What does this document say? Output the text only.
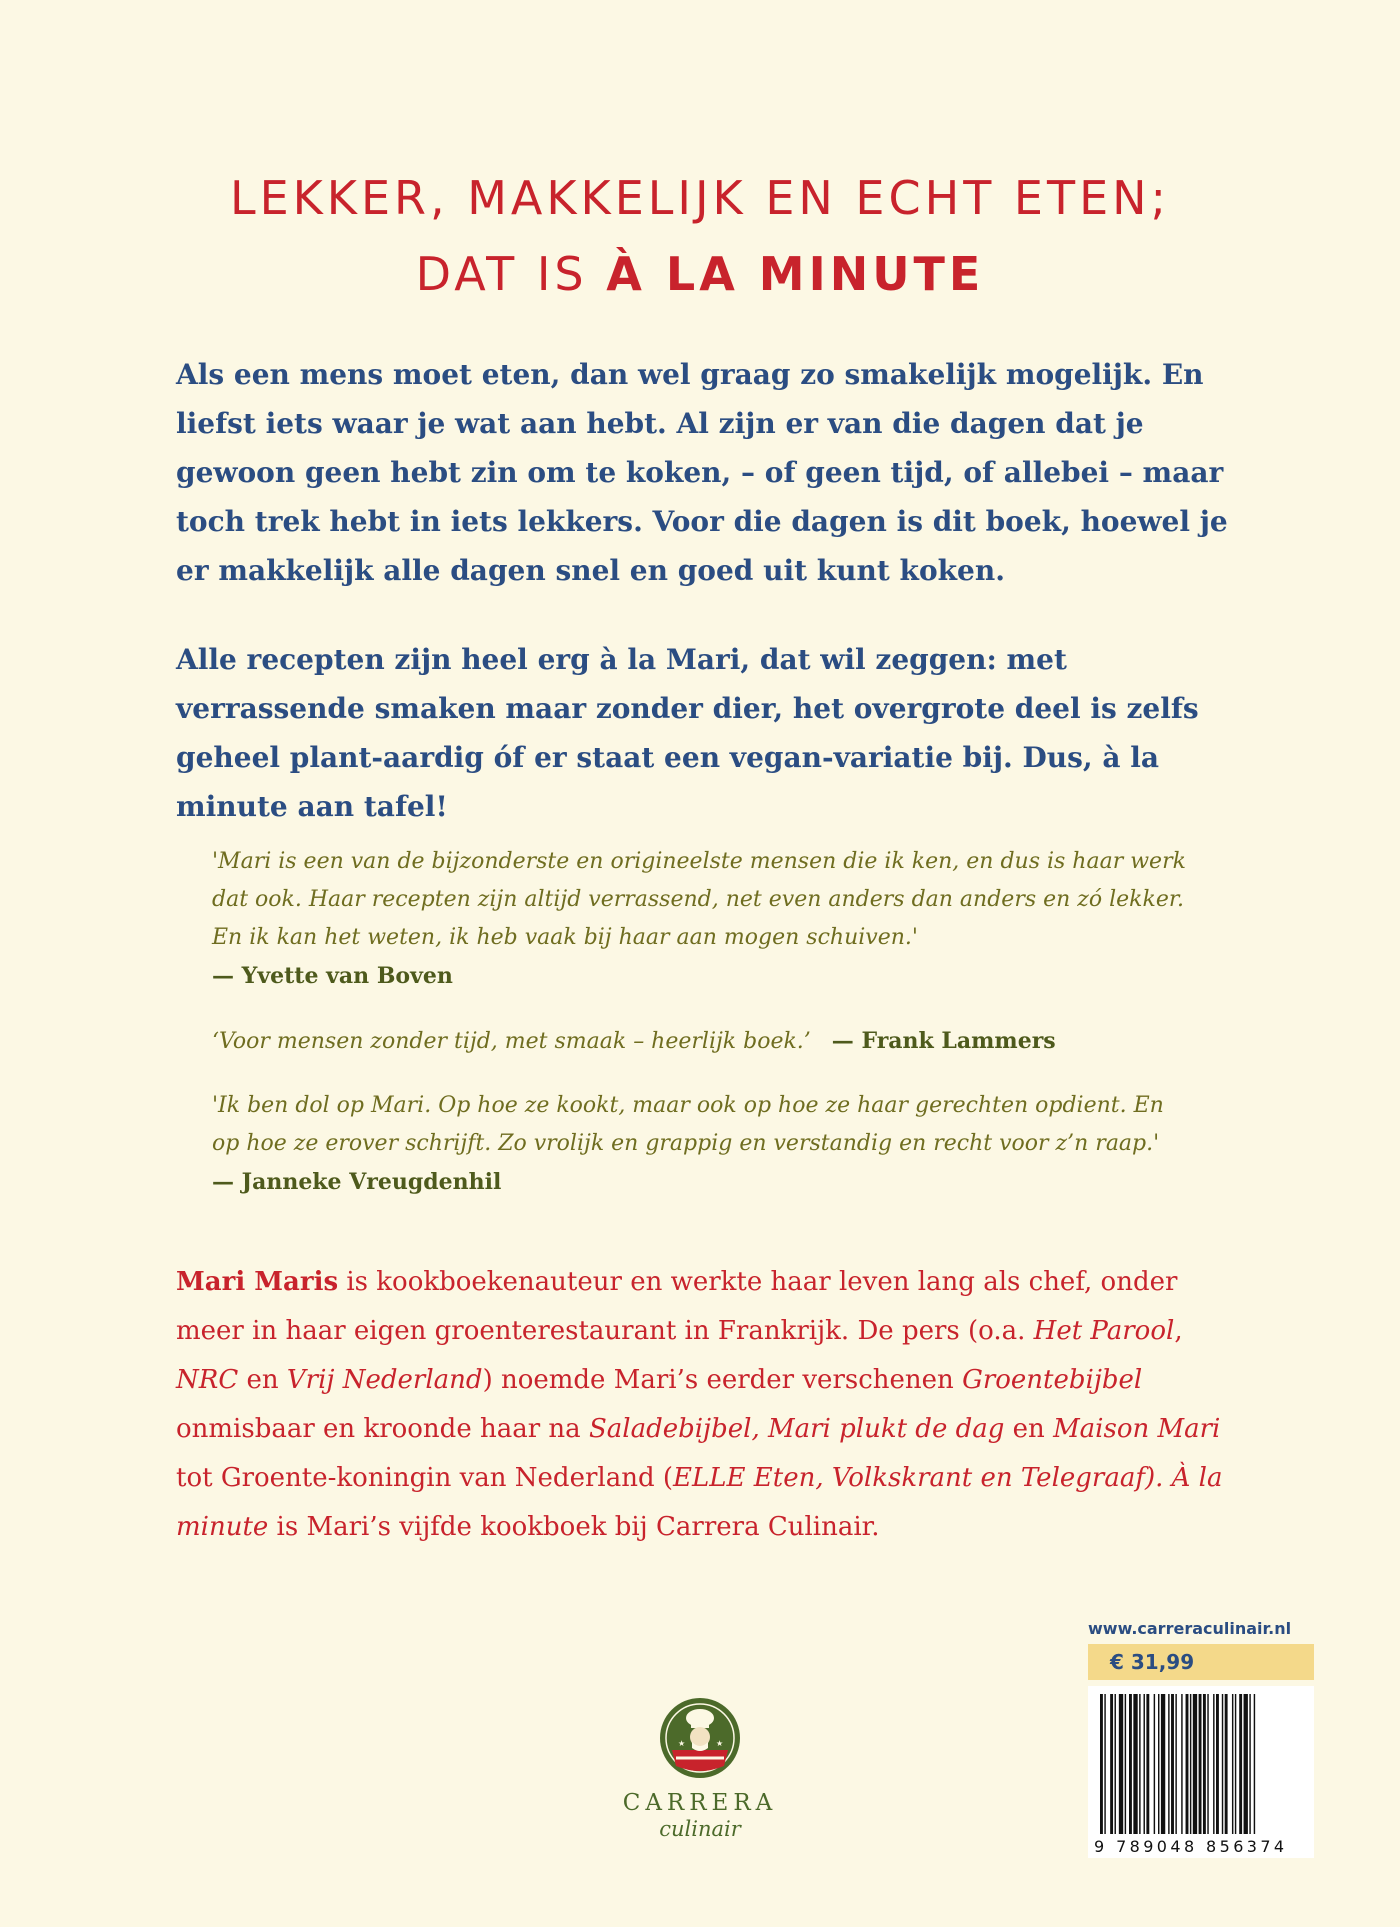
LEKKER, MAKKELIJK EN ECHT ETEN;
DAT IS À LA MINUTE

Als een mens moet eten, dan wel graag zo smakelijk mogelijk. En liefst iets waar je wat aan hebt. Al zijn er van die dagen dat je gewoon geen hebt zin om te koken, – of geen tijd, of allebei – maar toch trek hebt in iets lekkers. Voor die dagen is dit boek, hoewel je er makkelijk alle dagen snel en goed uit kunt koken.

Alle recepten zijn heel erg à la Mari, dat wil zeggen: met verrassende smaken maar zonder dier, het overgrote deel is zelfs geheel plant-aardig óf er staat een vegan-variatie bij. Dus, à la minute aan tafel!

'Mari is een van de bijzonderste en origineelste mensen die ik ken, en dus is haar werk dat ook. Haar recepten zijn altijd verrassend, net even anders dan anders en zó lekker. En ik kan het weten, ik heb vaak bij haar aan mogen schuiven.'
— Yvette van Boven
‘Voor mensen zonder tijd, met smaak – heerlijk boek.’ — Frank Lammers
'Ik ben dol op Mari. Op hoe ze kookt, maar ook op hoe ze haar gerechten opdient. En op hoe ze erover schrijft. Zo vrolijk en grappig en verstandig en recht voor z’n raap.'
— Janneke Vreugdenhil
Mari Maris is kookboekenauteur en werkte haar leven lang als chef, onder meer in haar eigen groenterestaurant in Frankrijk. De pers (o.a. Het Parool, NRC en Vrij Nederland) noemde Mari’s eerder verschenen Groentebijbel onmisbaar en kroonde haar na Saladebijbel, Mari plukt de dag en Maison Mari tot Groente-koningin van Nederland (ELLE Eten, Volkskrant en Telegraaf). À la minute is Mari’s vijfde kookboek bij Carrera Culinair.
★	★
CARRERA
culinair
www.carreraculinair.nl
€ 31,99
9 789048 856374
